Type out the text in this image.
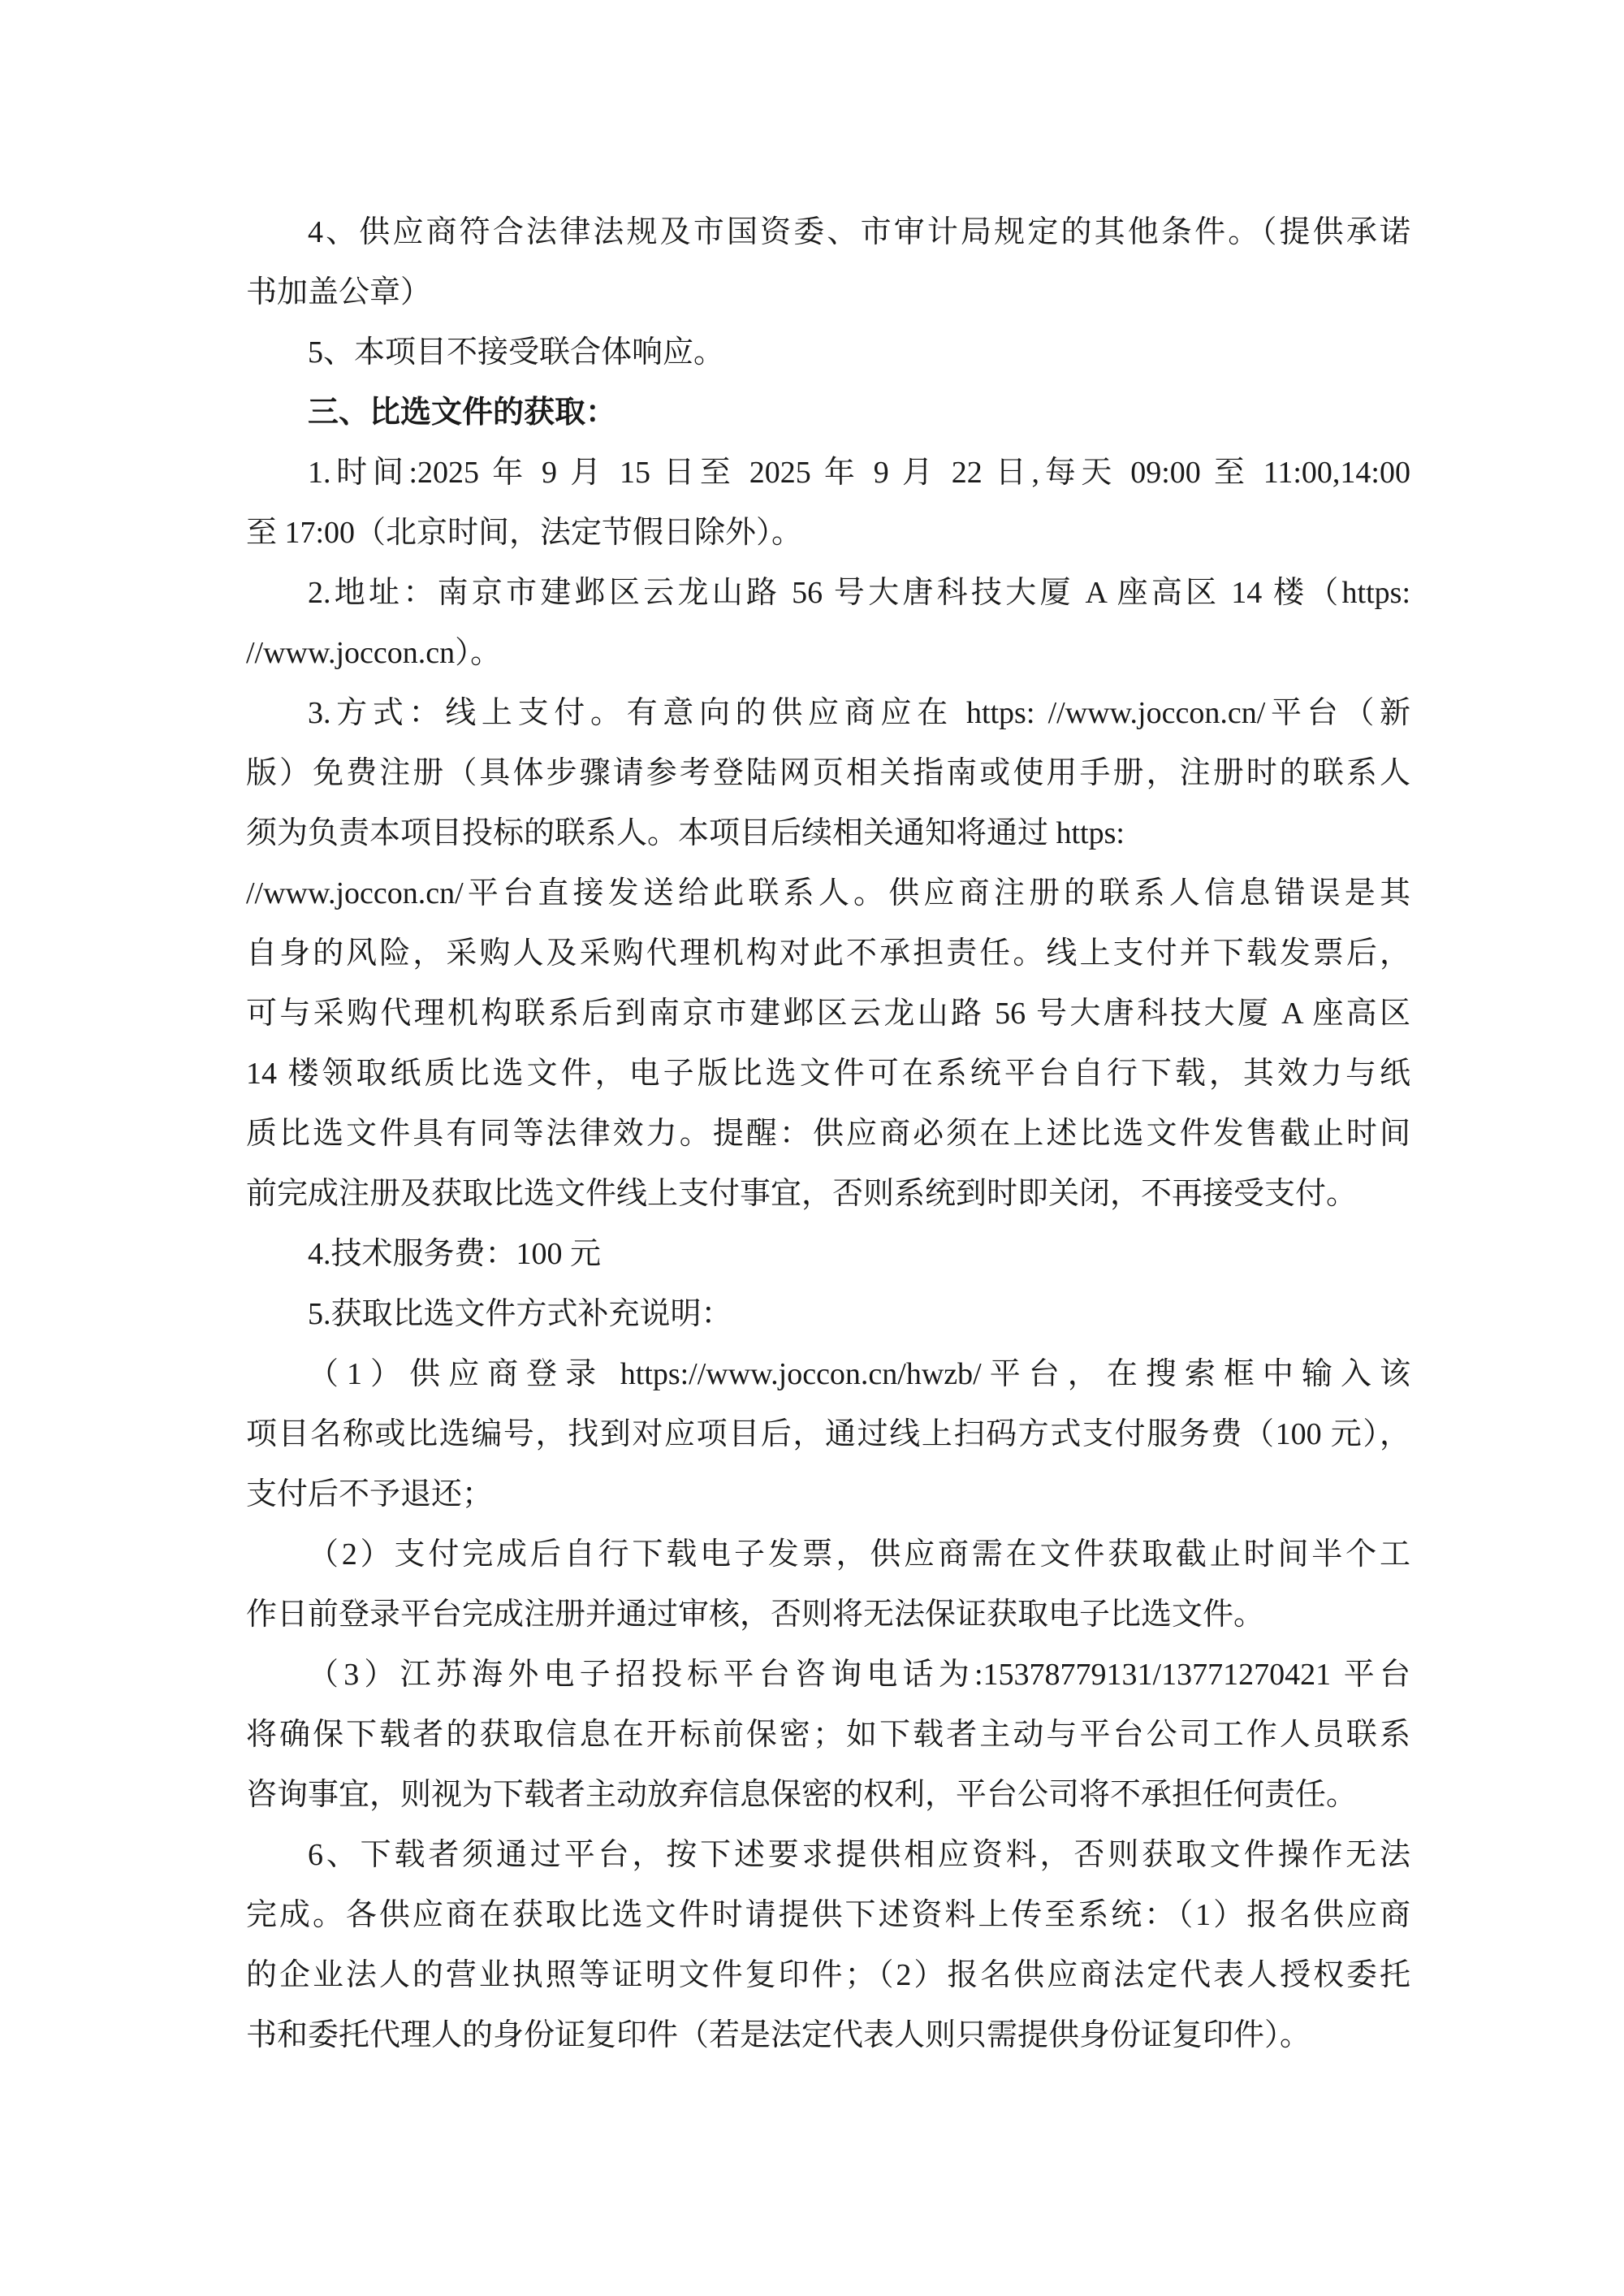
4、供应商符合法律法规及市国资委、市审计局规定的其他条件。（提供承诺
书加盖公章）
5、本项目不接受联合体响应。
三、比选文件的获取：
1.时间:2025 年 9 月 15 日至 2025 年 9 月 22 日,每天 09:00 至 11:00,14:00
至 17:00（北京时间，法定节假日除外）。
2.地址：南京市建邺区云龙山路 56 号大唐科技大厦 A 座高区 14 楼（https:
//www.joccon.cn）。
3.方式：线上支付。有意向的供应商应在 https: //www.joccon.cn/平台（新
版）免费注册（具体步骤请参考登陆网页相关指南或使用手册，注册时的联系人
须为负责本项目投标的联系人。本项目后续相关通知将通过 https:
//www.joccon.cn/平台直接发送给此联系人。供应商注册的联系人信息错误是其
自身的风险，采购人及采购代理机构对此不承担责任。线上支付并下载发票后，
可与采购代理机构联系后到南京市建邺区云龙山路 56 号大唐科技大厦 A 座高区
14 楼领取纸质比选文件，电子版比选文件可在系统平台自行下载，其效力与纸
质比选文件具有同等法律效力。提醒：供应商必须在上述比选文件发售截止时间
前完成注册及获取比选文件线上支付事宜，否则系统到时即关闭，不再接受支付。
4.技术服务费：100 元
5.获取比选文件方式补充说明：
（1）供应商登录 https://www.joccon.cn/hwzb/平台，在搜索框中输入该
项目名称或比选编号，找到对应项目后，通过线上扫码方式支付服务费（100 元），
支付后不予退还；
（2）支付完成后自行下载电子发票，供应商需在文件获取截止时间半个工
作日前登录平台完成注册并通过审核，否则将无法保证获取电子比选文件。
（3）江苏海外电子招投标平台咨询电话为:15378779131/13771270421 平台
将确保下载者的获取信息在开标前保密；如下载者主动与平台公司工作人员联系
咨询事宜，则视为下载者主动放弃信息保密的权利，平台公司将不承担任何责任。
6、下载者须通过平台，按下述要求提供相应资料，否则获取文件操作无法
完成。各供应商在获取比选文件时请提供下述资料上传至系统：（1）报名供应商
的企业法人的营业执照等证明文件复印件；（2）报名供应商法定代表人授权委托
书和委托代理人的身份证复印件（若是法定代表人则只需提供身份证复印件）。
